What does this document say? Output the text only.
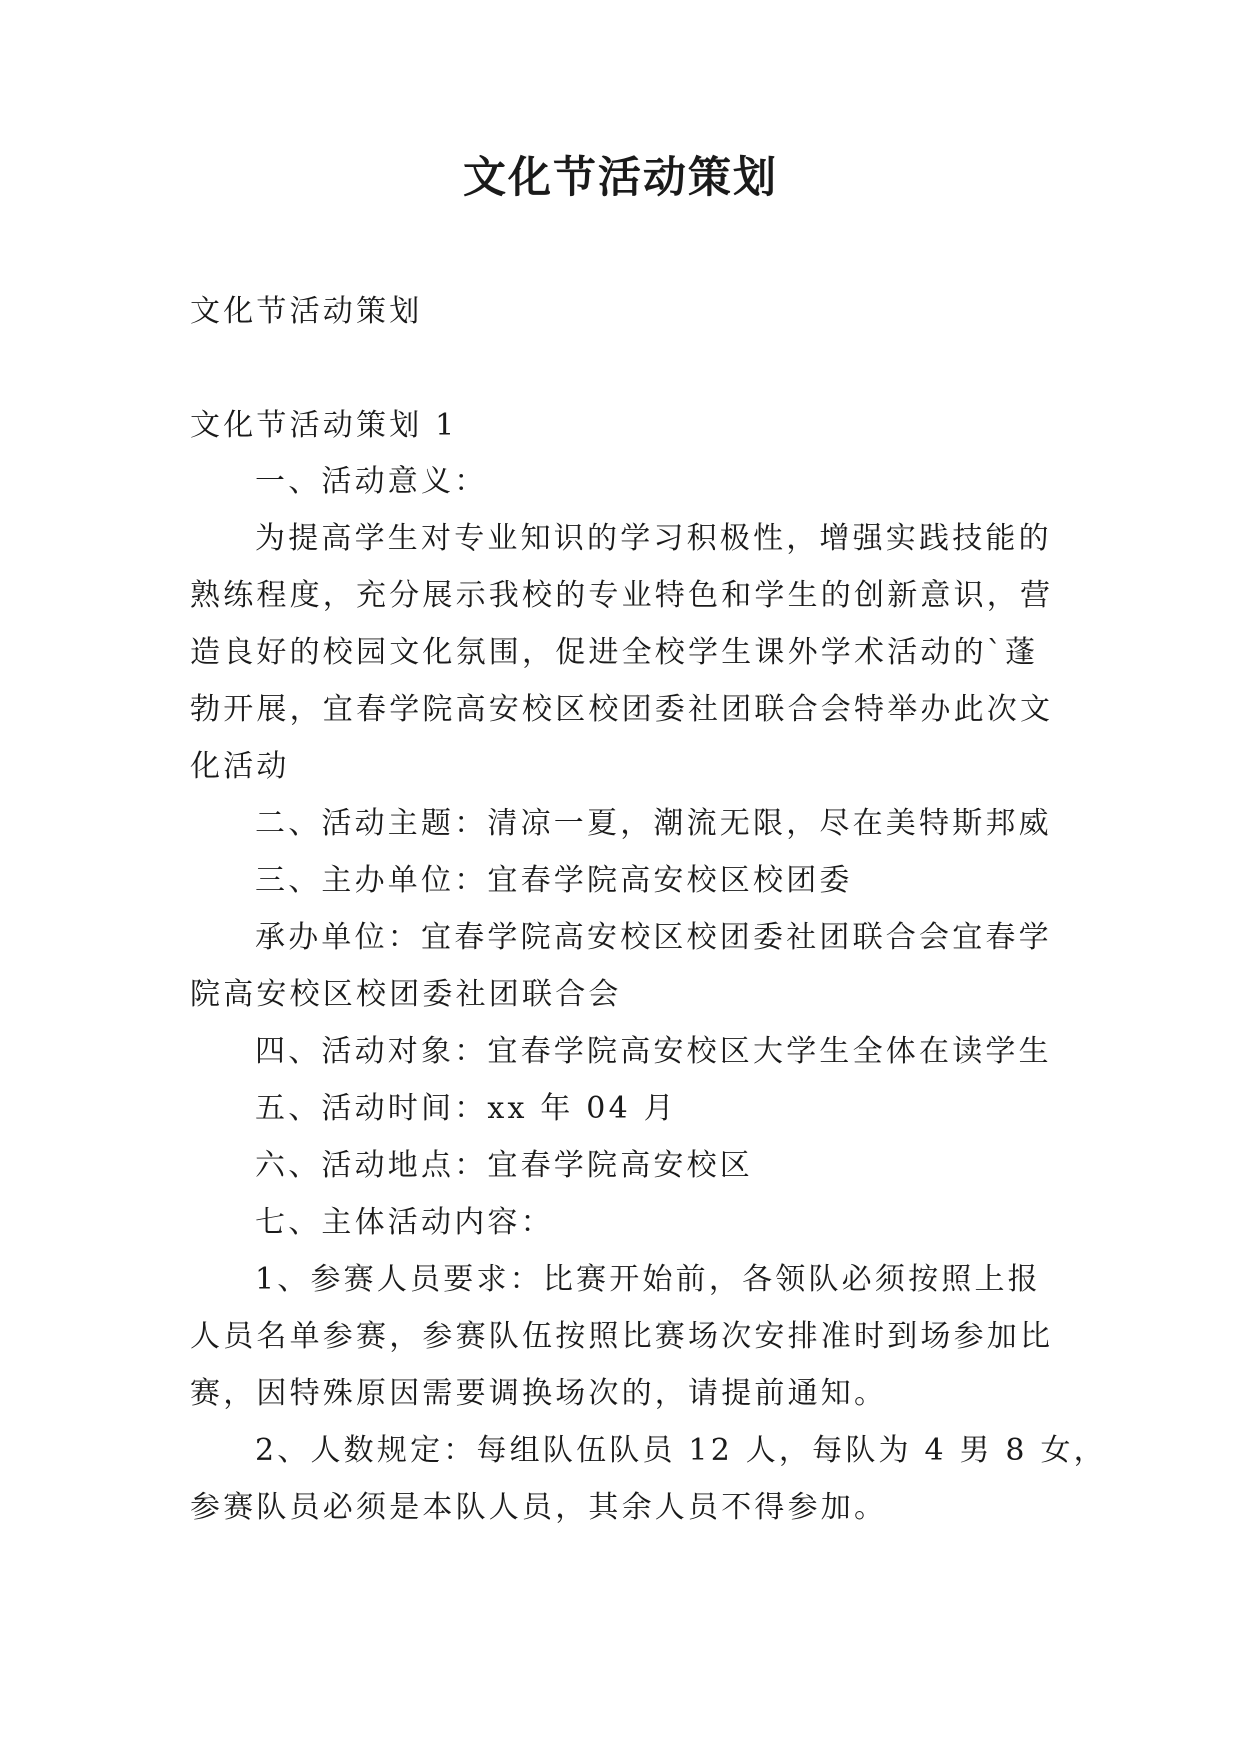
文化节活动策划
文化节活动策划
文化节活动策划 1
一、活动意义：
为提高学生对专业知识的学习积极性，增强实践技能的
熟练程度，充分展示我校的专业特色和学生的创新意识，营
造良好的校园文化氛围，促进全校学生课外学术活动的`蓬
勃开展，宜春学院高安校区校团委社团联合会特举办此次文
化活动
二、活动主题：清凉一夏，潮流无限，尽在美特斯邦威
三、主办单位：宜春学院高安校区校团委
承办单位：宜春学院高安校区校团委社团联合会宜春学
院高安校区校团委社团联合会
四、活动对象：宜春学院高安校区大学生全体在读学生
五、活动时间：xx 年 04 月
六、活动地点：宜春学院高安校区
七、主体活动内容：
1、参赛人员要求：比赛开始前，各领队必须按照上报
人员名单参赛，参赛队伍按照比赛场次安排准时到场参加比
赛，因特殊原因需要调换场次的，请提前通知。
2、人数规定：每组队伍队员 12 人，每队为 4 男 8 女，
参赛队员必须是本队人员，其余人员不得参加。
